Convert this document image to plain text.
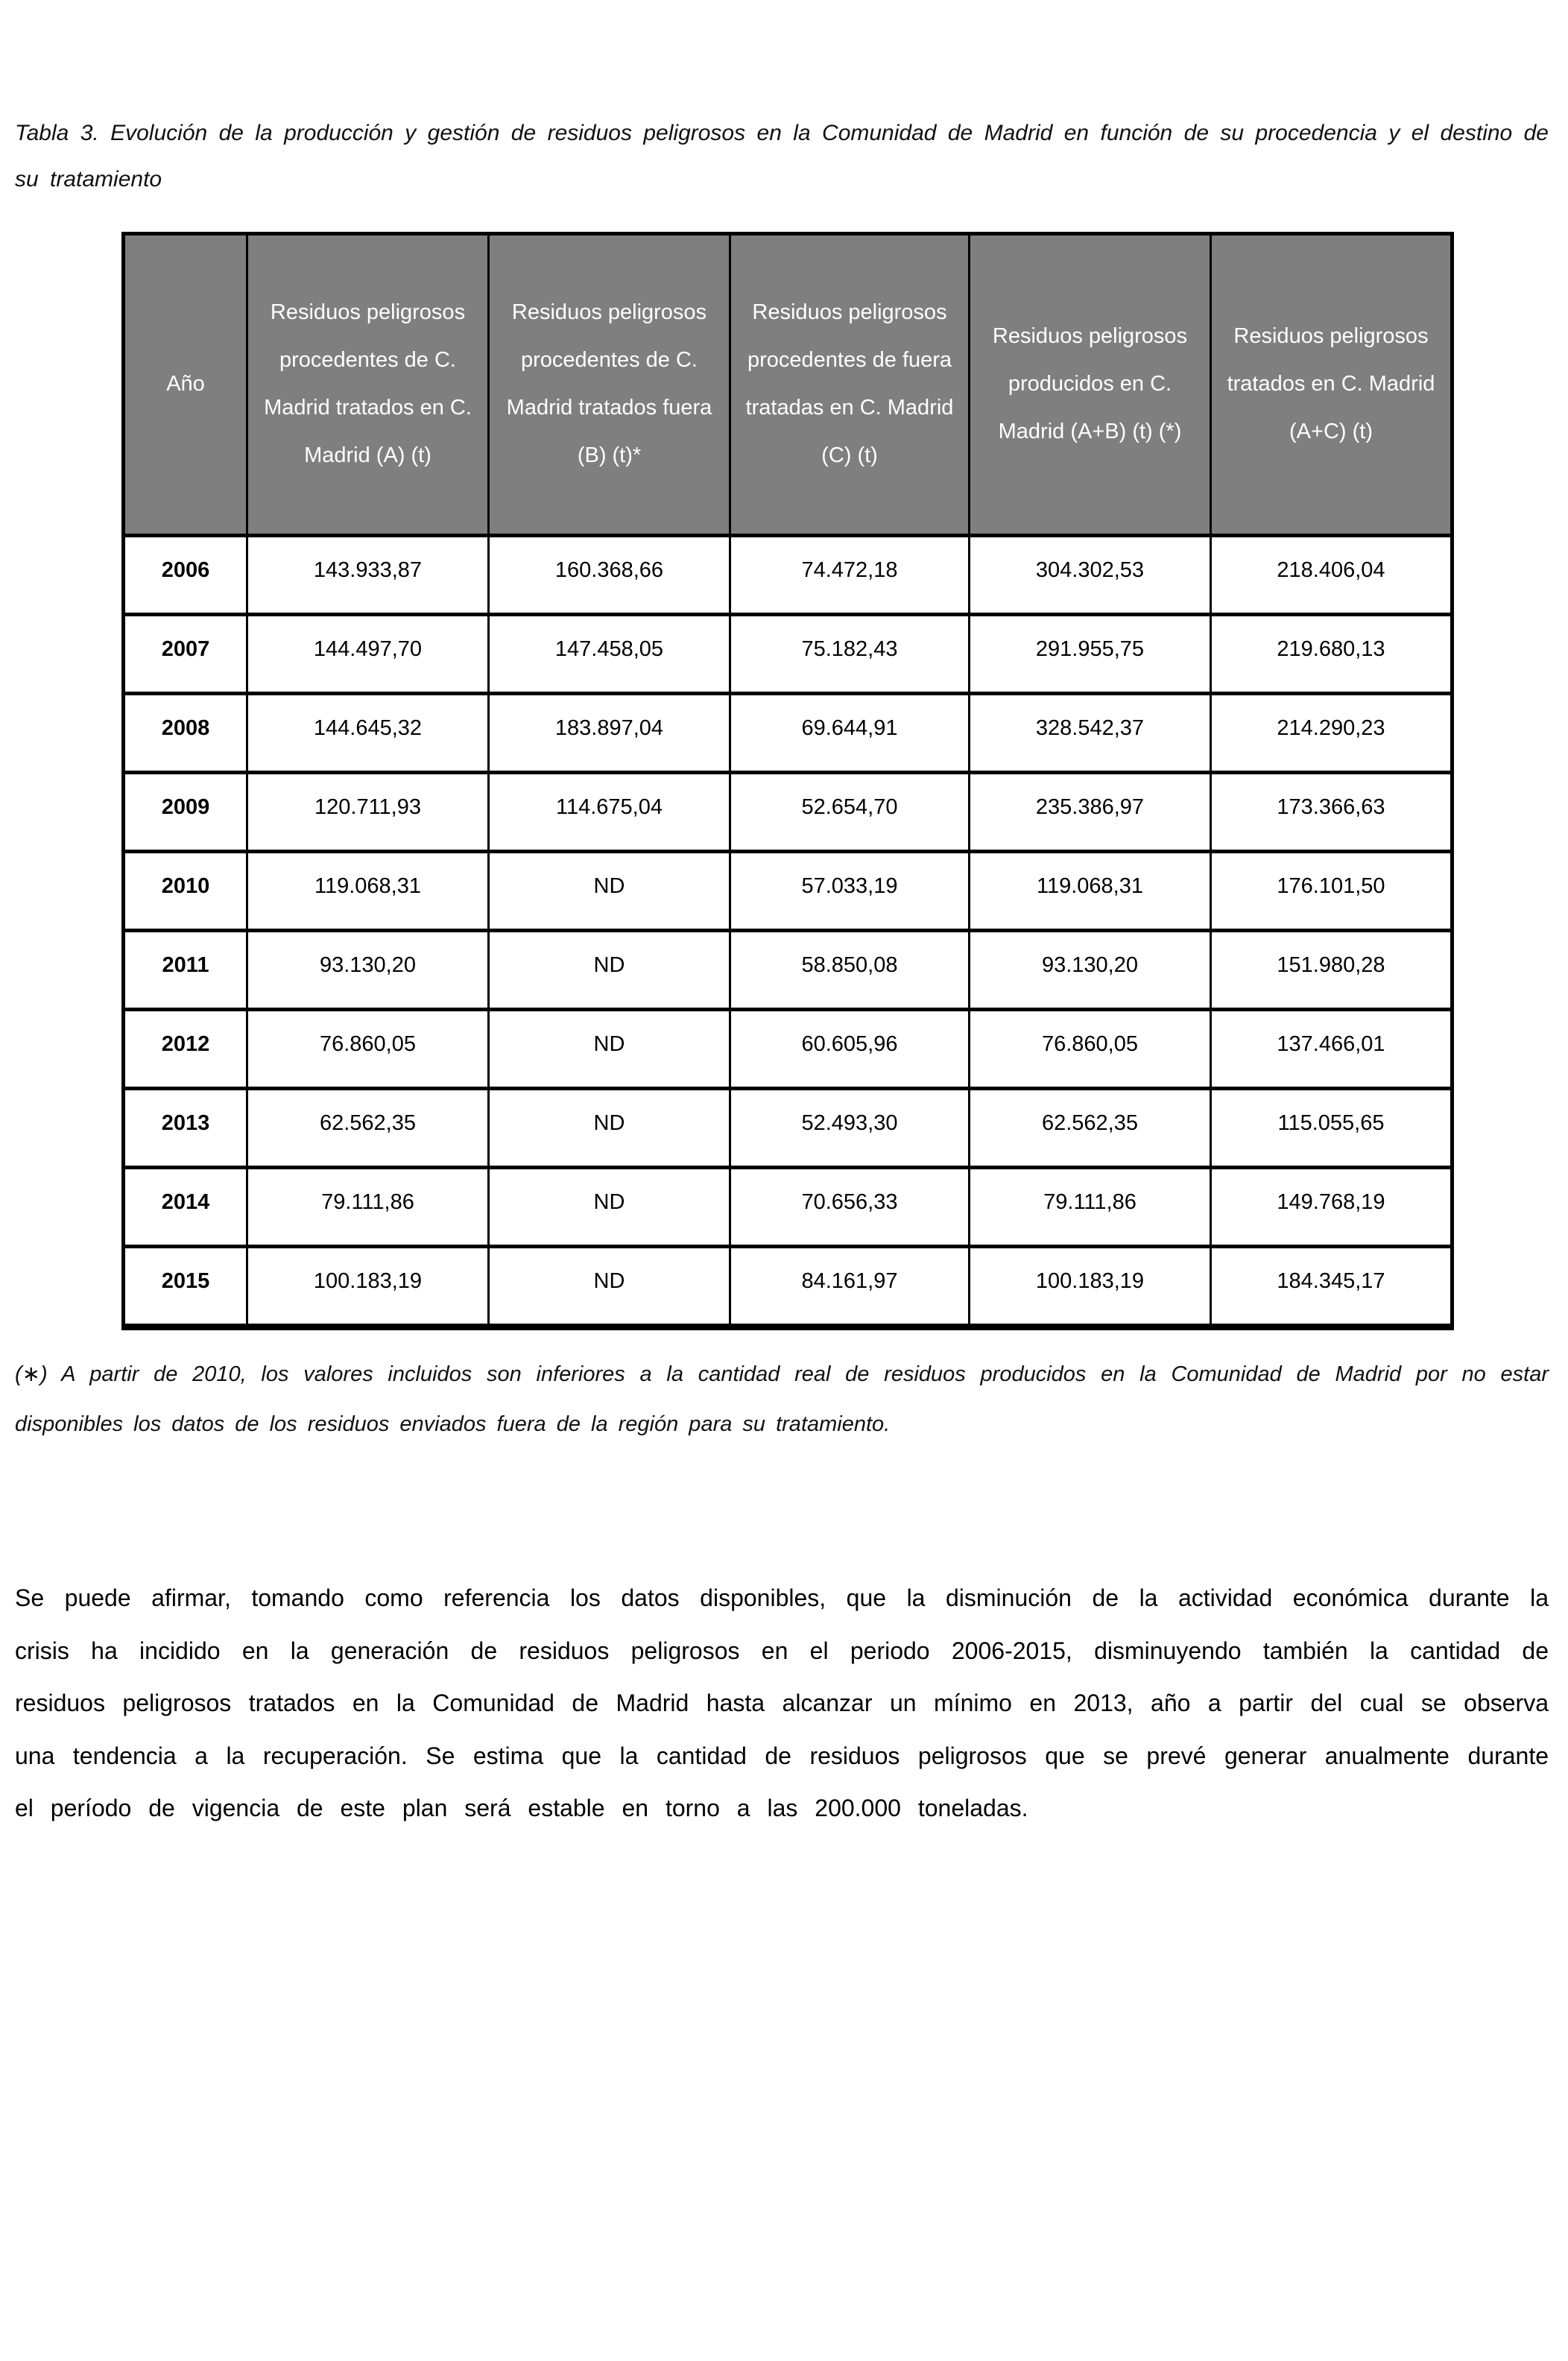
Tabla 3. Evolución de la producción y gestión de residuos peligrosos en la Comunidad de Madrid en función de su procedencia y el destino de su tratamiento

Año	Residuos peligrosos procedentes de C. Madrid tratados en C. Madrid (A) (t)	Residuos peligrosos procedentes de C. Madrid tratados fuera (B) (t)*	Residuos peligrosos procedentes de fuera tratadas en C. Madrid (C) (t)	Residuos peligrosos producidos en C. Madrid (A+B) (t) (*)	Residuos peligrosos tratados en C. Madrid (A+C) (t)
2006	143.933,87	160.368,66	74.472,18	304.302,53	218.406,04
2007	144.497,70	147.458,05	75.182,43	291.955,75	219.680,13
2008	144.645,32	183.897,04	69.644,91	328.542,37	214.290,23
2009	120.711,93	114.675,04	52.654,70	235.386,97	173.366,63
2010	119.068,31	ND	57.033,19	119.068,31	176.101,50
2011	93.130,20	ND	58.850,08	93.130,20	151.980,28
2012	76.860,05	ND	60.605,96	76.860,05	137.466,01
2013	62.562,35	ND	52.493,30	62.562,35	115.055,65
2014	79.111,86	ND	70.656,33	79.111,86	149.768,19
2015	100.183,19	ND	84.161,97	100.183,19	184.345,17

(∗) A partir de 2010, los valores incluidos son inferiores a la cantidad real de residuos producidos en la Comunidad de Madrid por no estar disponibles los datos de los residuos enviados fuera de la región para su tratamiento.

Se puede afirmar, tomando como referencia los datos disponibles, que la disminución de la actividad económica durante la crisis ha incidido en la generación de residuos peligrosos en el periodo 2006-2015, disminuyendo también la cantidad de residuos peligrosos tratados en la Comunidad de Madrid hasta alcanzar un mínimo en 2013, año a partir del cual se observa una tendencia a la recuperación. Se estima que la cantidad de residuos peligrosos que se prevé generar anualmente durante el período de vigencia de este plan será estable en torno a las 200.000 toneladas.
